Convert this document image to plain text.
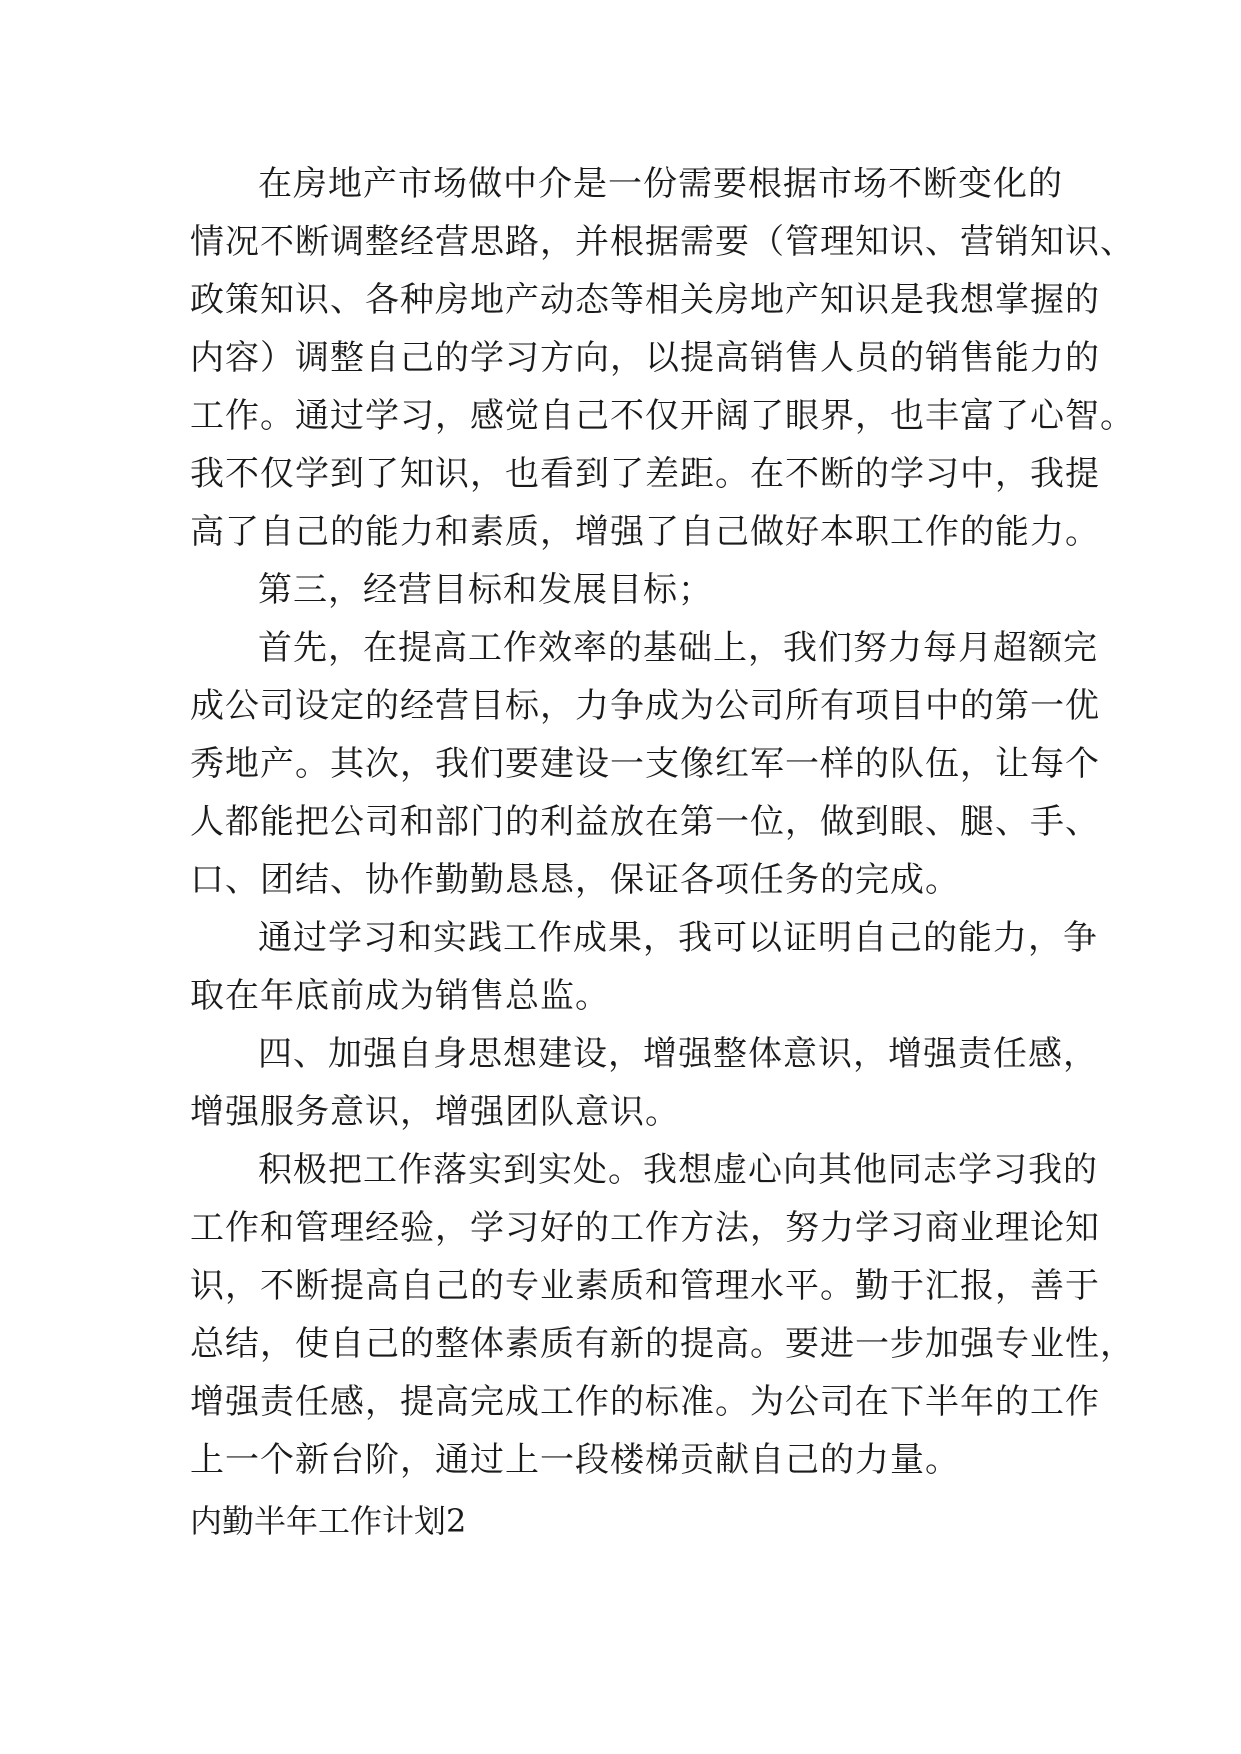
在房地产市场做中介是一份需要根据市场不断变化的
情况不断调整经营思路，并根据需要（管理知识、营销知识、
政策知识、各种房地产动态等相关房地产知识是我想掌握的
内容）调整自己的学习方向，以提高销售人员的销售能力的
工作。通过学习，感觉自己不仅开阔了眼界，也丰富了心智。
我不仅学到了知识，也看到了差距。在不断的学习中，我提
高了自己的能力和素质，增强了自己做好本职工作的能力。
第三，经营目标和发展目标；
首先，在提高工作效率的基础上，我们努力每月超额完
成公司设定的经营目标，力争成为公司所有项目中的第一优
秀地产。其次，我们要建设一支像红军一样的队伍，让每个
人都能把公司和部门的利益放在第一位，做到眼、腿、手、
口、团结、协作勤勤恳恳，保证各项任务的完成。
通过学习和实践工作成果，我可以证明自己的能力，争
取在年底前成为销售总监。
四、加强自身思想建设，增强整体意识，增强责任感，
增强服务意识，增强团队意识。
积极把工作落实到实处。我想虚心向其他同志学习我的
工作和管理经验，学习好的工作方法，努力学习商业理论知
识，不断提高自己的专业素质和管理水平。勤于汇报，善于
总结，使自己的整体素质有新的提高。要进一步加强专业性，
增强责任感，提高完成工作的标准。为公司在下半年的工作
上一个新台阶，通过上一段楼梯贡献自己的力量。
内勤半年工作计划2
